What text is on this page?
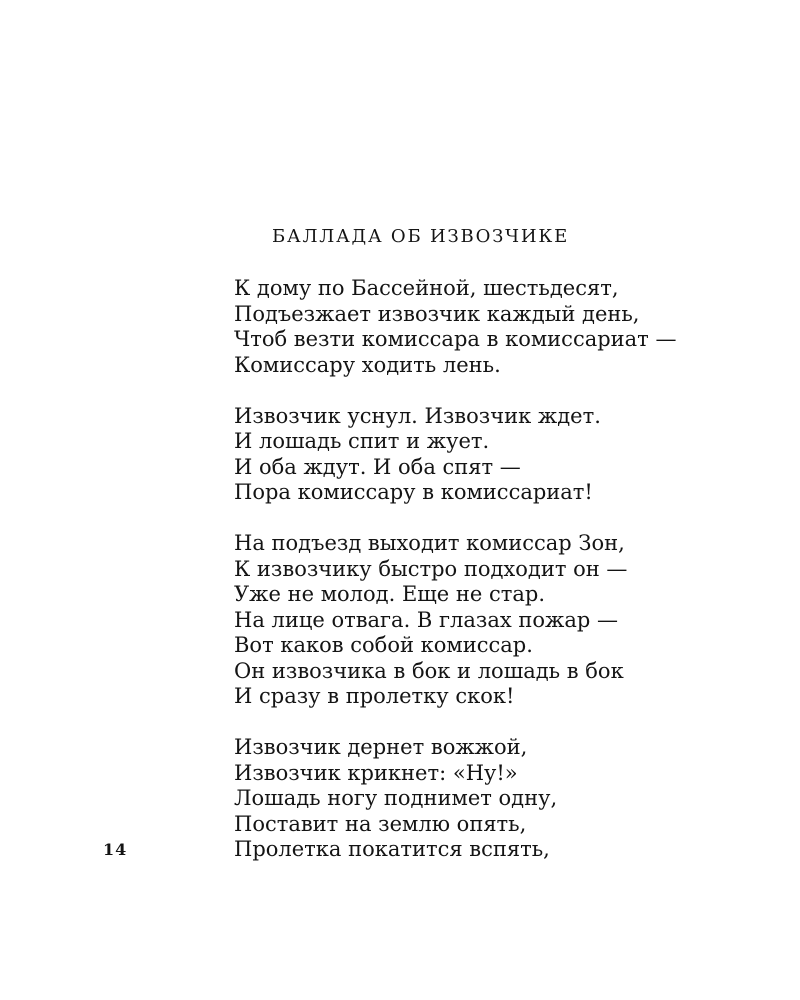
БАЛЛАДА ОБ ИЗВОЗЧИКЕ
К дому по Бассейной, шестьдесят,
Подъезжает извозчик каждый день,
Чтоб везти комиссара в комиссариат —
Комиссару ходить лень.
Извозчик уснул. Извозчик ждет.
И лошадь спит и жует.
И оба ждут. И оба спят —
Пора комиссару в комиссариат!
На подъезд выходит комиссар Зон,
К извозчику быстро подходит он —
Уже не молод. Еще не стар.
На лице отвага. В глазах пожар —
Вот каков собой комиссар.
Он извозчика в бок и лошадь в бок
И сразу в пролетку скок!
Извозчик дернет вожжой,
Извозчик крикнет: «Ну!»
Лошадь ногу поднимет одну,
Поставит на землю опять,
Пролетка покатится вспять,
14
